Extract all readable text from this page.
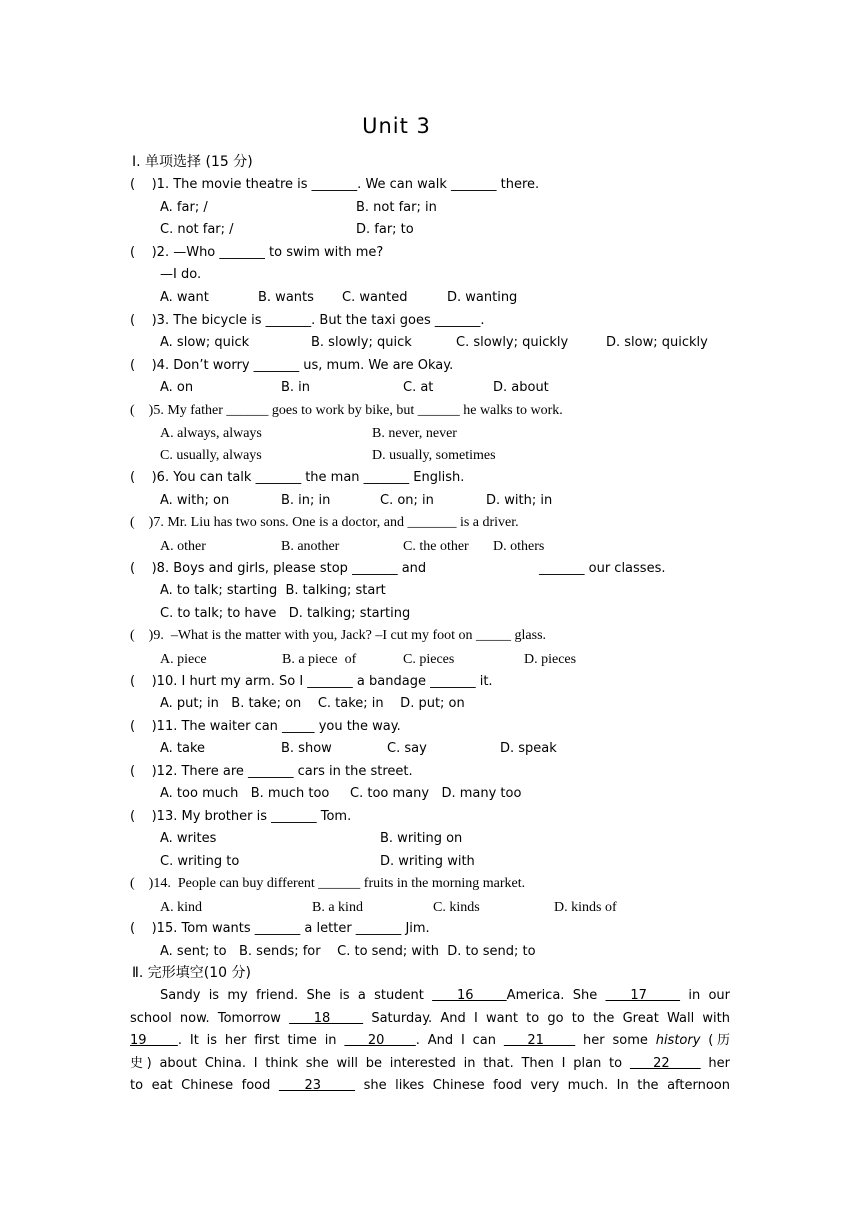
Unit 3
Ⅰ. 单项选择 (15 分)
(    )1. The movie theatre is _______. We can walk _______ there.
A. far; /	B. not far; in
C. not far; /	D. far; to
(    )2. —Who _______ to swim with me?
—I do.
A. want	B. wants C. wanted	D. wanting
(    )3. The bicycle is _______. But the taxi goes _______.
A. slow; quick	B. slowly; quick	C. slowly; quickly	D. slow; quickly
(    )4. Don’t worry _______ us, mum. We are Okay.
A. on	B. in	C. at	D. about
(    )5. My father ______ goes to work by bike, but ______ he walks to work.
A. always, always	B. never, never
C. usually, always	D. usually, sometimes
(    )6. You can talk _______ the man _______ English.
A. with; on	B. in; in	C. on; in	D. with; in
(    )7. Mr. Liu has two sons. One is a doctor, and _______ is a driver.
A. other	B. another	C. the other D. others
(    )8. Boys and girls, please stop _______ and	_______ our classes.
A. to talk; starting  B. talking; start
C. to talk; to have   D. talking; starting
(    )9.  –What is the matter with you, Jack? –I cut my foot on _____ glass.
A. piece	B. a piece  of	C. pieces	D. pieces
(    )10. I hurt my arm. So I _______ a bandage _______ it.
A. put; in   B. take; on    C. take; in    D. put; on
(    )11. The waiter can _____ you the way.
A. take	B. show	C. say	D. speak
(    )12. There are _______ cars in the street.
A. too much   B. much too     C. too many   D. many too
(    )13. My brother is _______ Tom.
A. writes	B. writing on
C. writing to	D. writing with
(    )14.  People can buy different ______ fruits in the morning market.
A. kind	B. a kind	C. kinds	D. kinds of
(    )15. Tom wants _______ a letter _______ Jim.
A. sent; to   B. sends; for    C. to send; with  D. to send; to
Ⅱ. 完形填空(10 分)
Sandy is my friend. She is a student    16    America. She    17     in our
school now. Tomorrow    18     Saturday. And I want to go to the Great Wall with
19    . It is her first time in    20    . And I can    21     her some history (历
史) about China. I think she will be interested in that. Then I plan to    22     her
to eat Chinese food    23     she likes Chinese food very much. In the afternoon
